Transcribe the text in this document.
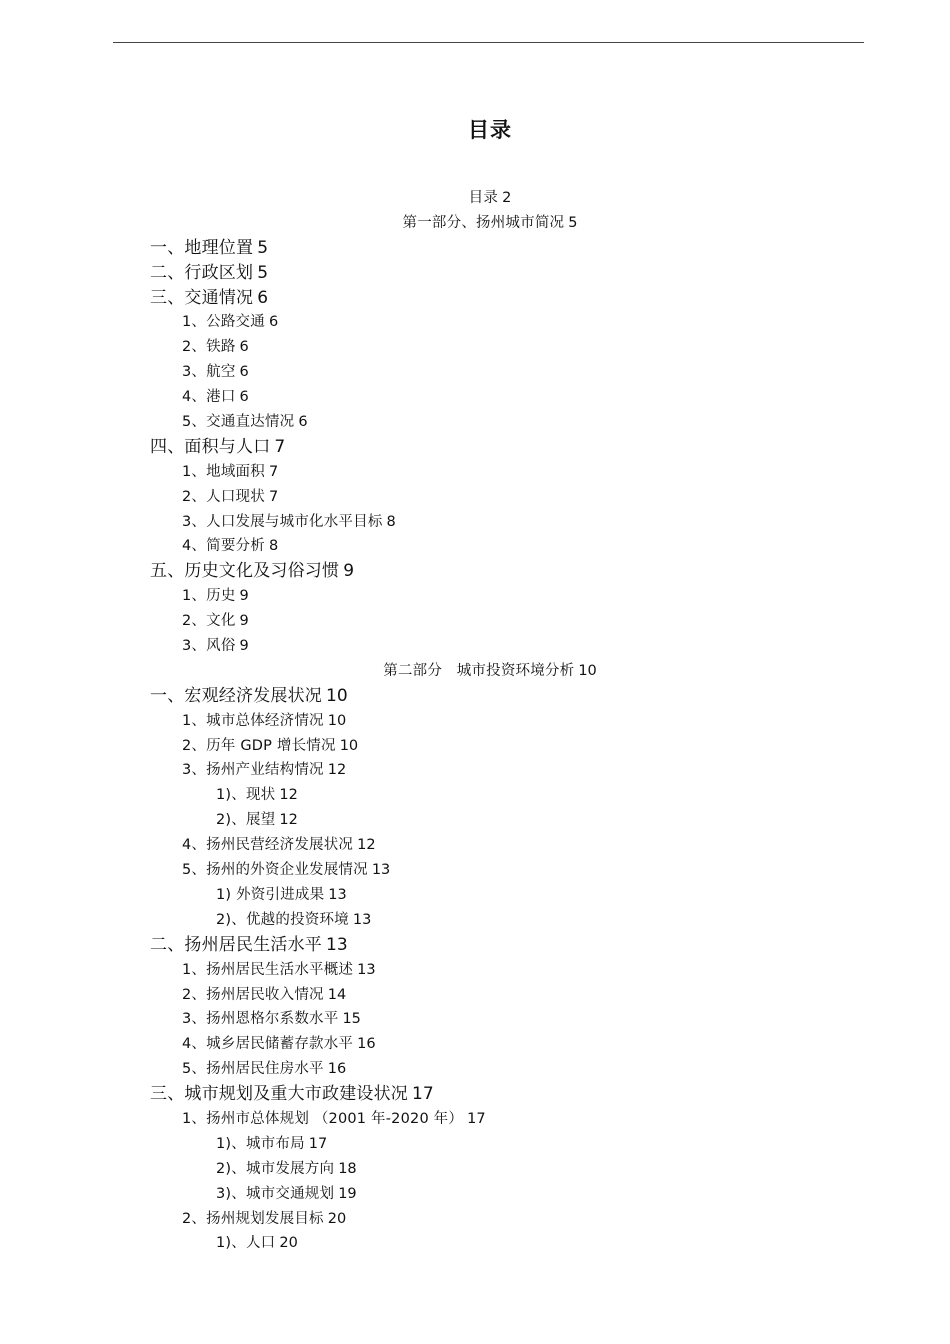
目录
目录 2
第一部分、扬州城市简况 5
一、地理位置 5
二、行政区划 5
三、交通情况 6
1、公路交通 6
2、铁路 6
3、航空 6
4、港口 6
5、交通直达情况 6
四、面积与人口 7
1、地域面积 7
2、人口现状 7
3、人口发展与城市化水平目标 8
4、简要分析 8
五、历史文化及习俗习惯 9
1、历史 9
2、文化 9
3、风俗 9
第二部分　城市投资环境分析 10
一、宏观经济发展状况 10
1、城市总体经济情况 10
2、历年 GDP 增长情况 10
3、扬州产业结构情况 12
1)、现状 12
2)、展望 12
4、扬州民营经济发展状况 12
5、扬州的外资企业发展情况 13
1) 外资引进成果 13
2)、优越的投资环境 13
二、扬州居民生活水平 13
1、扬州居民生活水平概述 13
2、扬州居民收入情况 14
3、扬州恩格尔系数水平 15
4、城乡居民储蓄存款水平 16
5、扬州居民住房水平 16
三、城市规划及重大市政建设状况 17
1、扬州市总体规划 （2001 年-2020 年） 17
1)、城市布局 17
2)、城市发展方向 18
3)、城市交通规划 19
2、扬州规划发展目标 20
1)、人口 20
